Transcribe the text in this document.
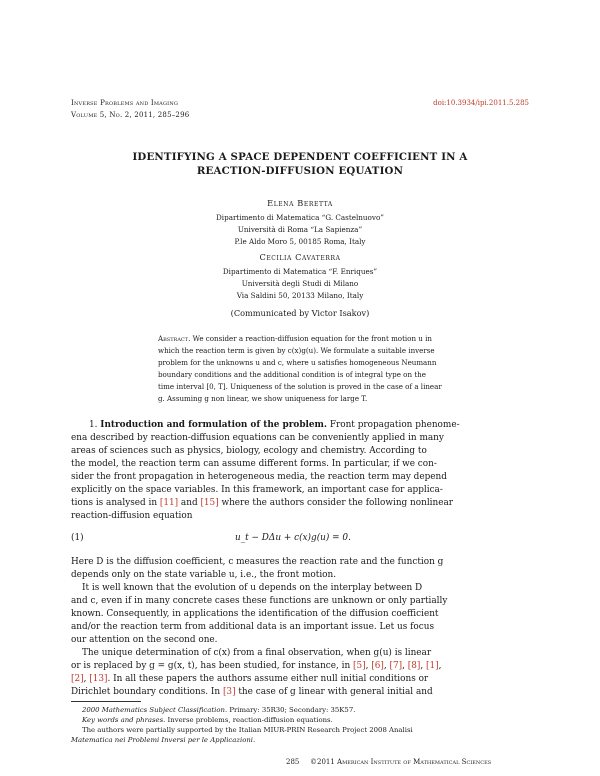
Inverse Problems and Imaging	doi:10.3934/ipi.2011.5.285
Volume 5, No. 2, 2011, 285–296
IDENTIFYING A SPACE DEPENDENT COEFFICIENT IN A
REACTION-DIFFUSION EQUATION
Elena Beretta
Dipartimento di Matematica “G. Castelnuovo”
Università di Roma “La Sapienza”
P.le Aldo Moro 5, 00185 Roma, Italy
Cecilia Cavaterra
Dipartimento di Matematica “F. Enriques”
Università degli Studi di Milano
Via Saldini 50, 20133 Milano, Italy
(Communicated by Victor Isakov)
Abstract. We consider a reaction-diffusion equation for the front motion u in
which the reaction term is given by c(x)g(u). We formulate a suitable inverse
problem for the unknowns u and c, where u satisfies homogeneous Neumann
boundary conditions and the additional condition is of integral type on the
time interval [0, T]. Uniqueness of the solution is proved in the case of a linear
g. Assuming g non linear, we show uniqueness for large T.
1. Introduction and formulation of the problem. Front propagation phenome-
ena described by reaction-diffusion equations can be conveniently applied in many
areas of sciences such as physics, biology, ecology and chemistry. According to
the model, the reaction term can assume different forms. In particular, if we con-
sider the front propagation in heterogeneous media, the reaction term may depend
explicitly on the space variables. In this framework, an important case for applica-
tions is analysed in [11] and [15] where the authors consider the following nonlinear
reaction-diffusion equation
(1)	u_t − DΔu + c(x)g(u) = 0.
Here D is the diffusion coefficient, c measures the reaction rate and the function g
depends only on the state variable u, i.e., the front motion.
It is well known that the evolution of u depends on the interplay between D
and c, even if in many concrete cases these functions are unknown or only partially
known. Consequently, in applications the identification of the diffusion coefficient
and/or the reaction term from additional data is an important issue. Let us focus
our attention on the second one.
The unique determination of c(x) from a final observation, when g(u) is linear
or is replaced by g = g(x, t), has been studied, for instance, in [5], [6], [7], [8], [1],
[2], [13]. In all these papers the authors assume either null initial conditions or
Dirichlet boundary conditions. In [3] the case of g linear with general initial and
2000 Mathematics Subject Classification. Primary: 35R30; Secondary: 35K57.
Key words and phrases. Inverse problems, reaction-diffusion equations.
The authors were partially supported by the Italian MIUR-PRIN Research Project 2008 Analisi
Matematica nei Problemi Inversi per le Applicazioni.
285 ©2011 American Institute of Mathematical Sciences
